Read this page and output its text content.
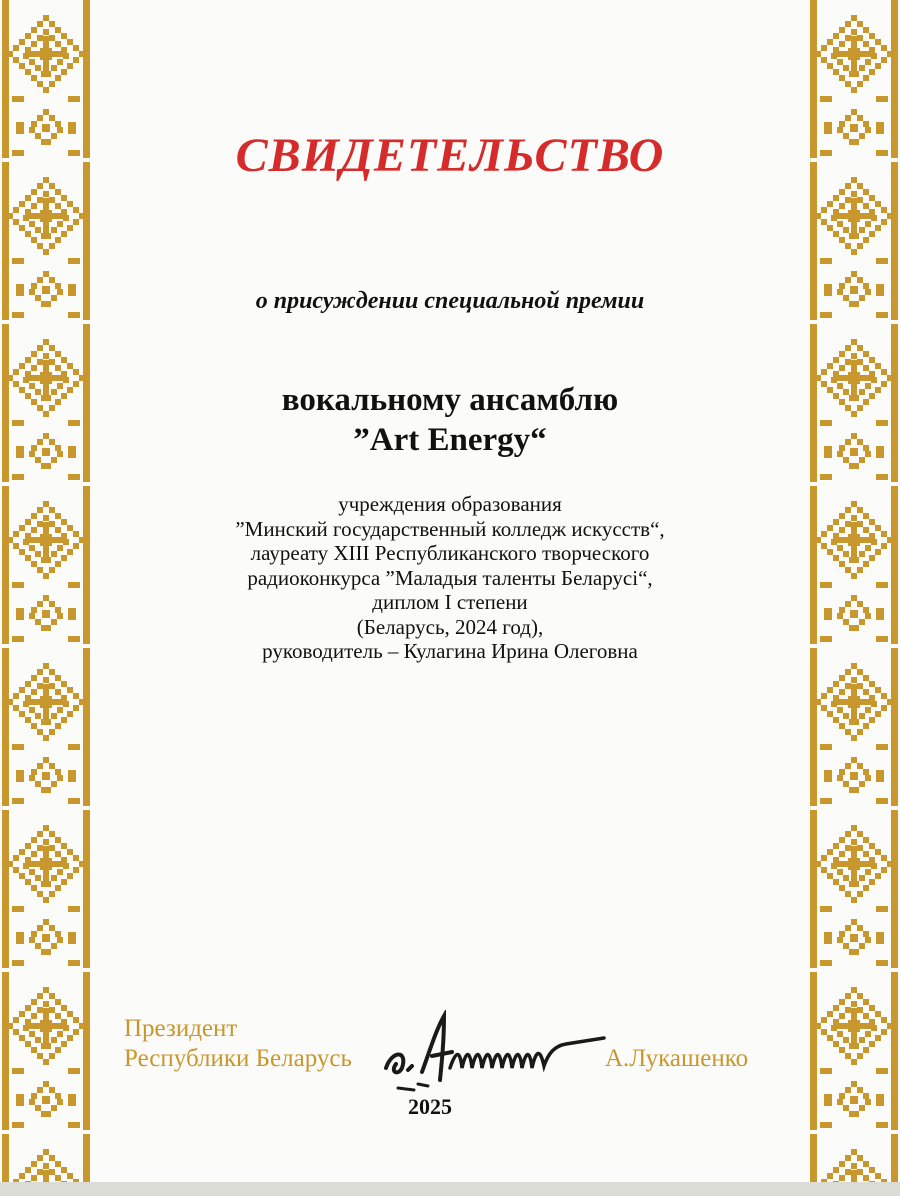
СВИДЕТЕЛЬСТВО
о присуждении специальной премии
вокальному ансамблю
”Art Energy“
учреждения образования
”Минский государственный колледж искусств“,
лауреату XIII Республиканского творческого
радиоконкурса ”Маладыя таленты Беларусі“,
диплом I степени
(Беларусь, 2024 год),
руководитель – Кулагина Ирина Олеговна
Президент
Республики Беларусь	А.Лукашенко
2025
